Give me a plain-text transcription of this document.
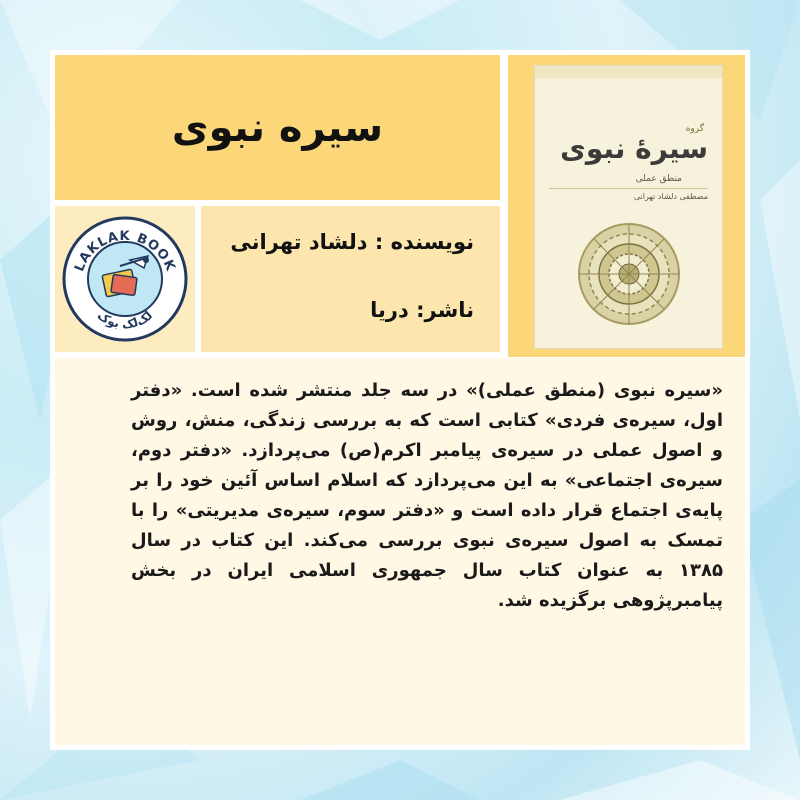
سیره نبوی	گروه
سیرهٔ نبوی
منطق عملی
مصطفی دلشاد تهرانی
LAKLAK BOOK
لک‌لک بوک
نویسنده : دلشاد تهرانی
ناشر: دریا

«سیره نبوی (منطق عملی)» در سه جلد منتشر شده است. «دفتر اول، سیره‌ی فردی» کتابی است که به بررسی زندگی، منش، روش و اصول عملی در سیره‌ی پیامبر اکرم(ص) می‌پردازد. «دفتر دوم، سیره‌ی اجتماعی» به این می‌پردازد که اسلام اساس آئین خود را بر پایه‌ی اجتماع قرار داده است و «دفتر سوم، سیره‌ی مدیریتی» را با تمسک به اصول سیره‌ی نبوی بررسی می‌کند. این کتاب در سال ۱۳۸۵ به عنوان کتاب سال جمهوری اسلامی ایران در بخش پیامبرپژوهی برگزیده شد.
